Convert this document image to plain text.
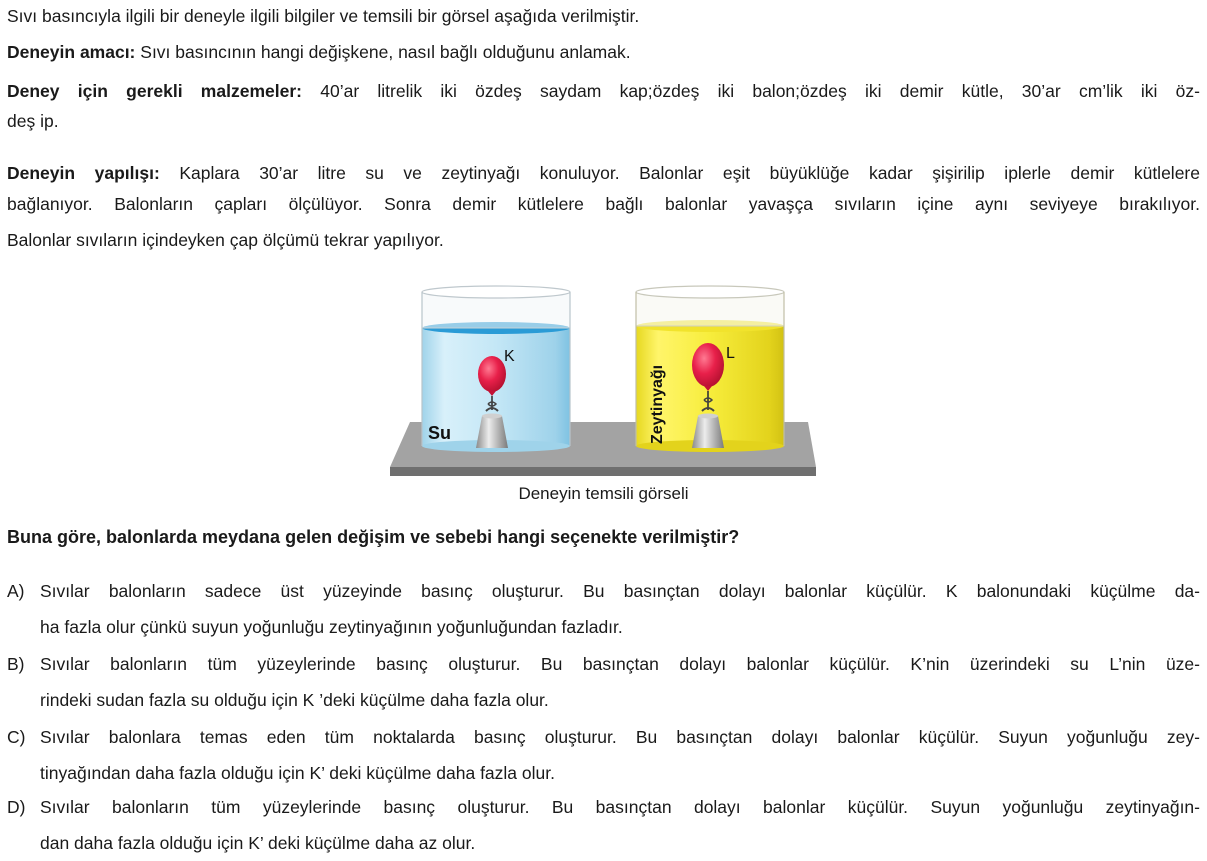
Sıvı basıncıyla ilgili bir deneyle ilgili bilgiler ve temsili bir görsel aşağıda verilmiştir.

Deneyin amacı: Sıvı basıncının hangi değişkene, nasıl bağlı olduğunu anlamak.

Deney için gerekli malzemeler: 40’ar litrelik iki özdeş saydam kap;özdeş iki balon;özdeş iki demir kütle, 30’ar cm’lik iki öz-
deş ip.
Deneyin yapılışı: Kaplara 30’ar litre su ve zeytinyağı konuluyor. Balonlar eşit büyüklüğe kadar şişirilip iplerle demir kütlelere
bağlanıyor. Balonların çapları ölçülüyor. Sonra demir kütlelere bağlı balonlar yavaşça sıvıların içine aynı seviyeye bırakılıyor.
Balonlar sıvıların içindeyken çap ölçümü tekrar yapılıyor.
Su
K	L
Zeytinyağı
Deneyin temsili görseli
Buna göre, balonlarda meydana gelen değişim ve sebebi hangi seçenekte verilmiştir?
A) Sıvılar balonların sadece üst yüzeyinde basınç oluşturur. Bu basınçtan dolayı balonlar küçülür. K balonundaki küçülme da-
ha fazla olur çünkü suyun yoğunluğu zeytinyağının yoğunluğundan fazladır.
B) Sıvılar balonların tüm yüzeylerinde basınç oluşturur. Bu basınçtan dolayı balonlar küçülür. K’nin üzerindeki su L’nin üze-
rindeki sudan fazla su olduğu için K ’deki küçülme daha fazla olur.
C) Sıvılar balonlara temas eden tüm noktalarda basınç oluşturur. Bu basınçtan dolayı balonlar küçülür. Suyun yoğunluğu zey-
tinyağından daha fazla olduğu için K’ deki küçülme daha fazla olur.
D) Sıvılar balonların tüm yüzeylerinde basınç oluşturur. Bu basınçtan dolayı balonlar küçülür. Suyun yoğunluğu zeytinyağın-
dan daha fazla olduğu için K’ deki küçülme daha az olur.
